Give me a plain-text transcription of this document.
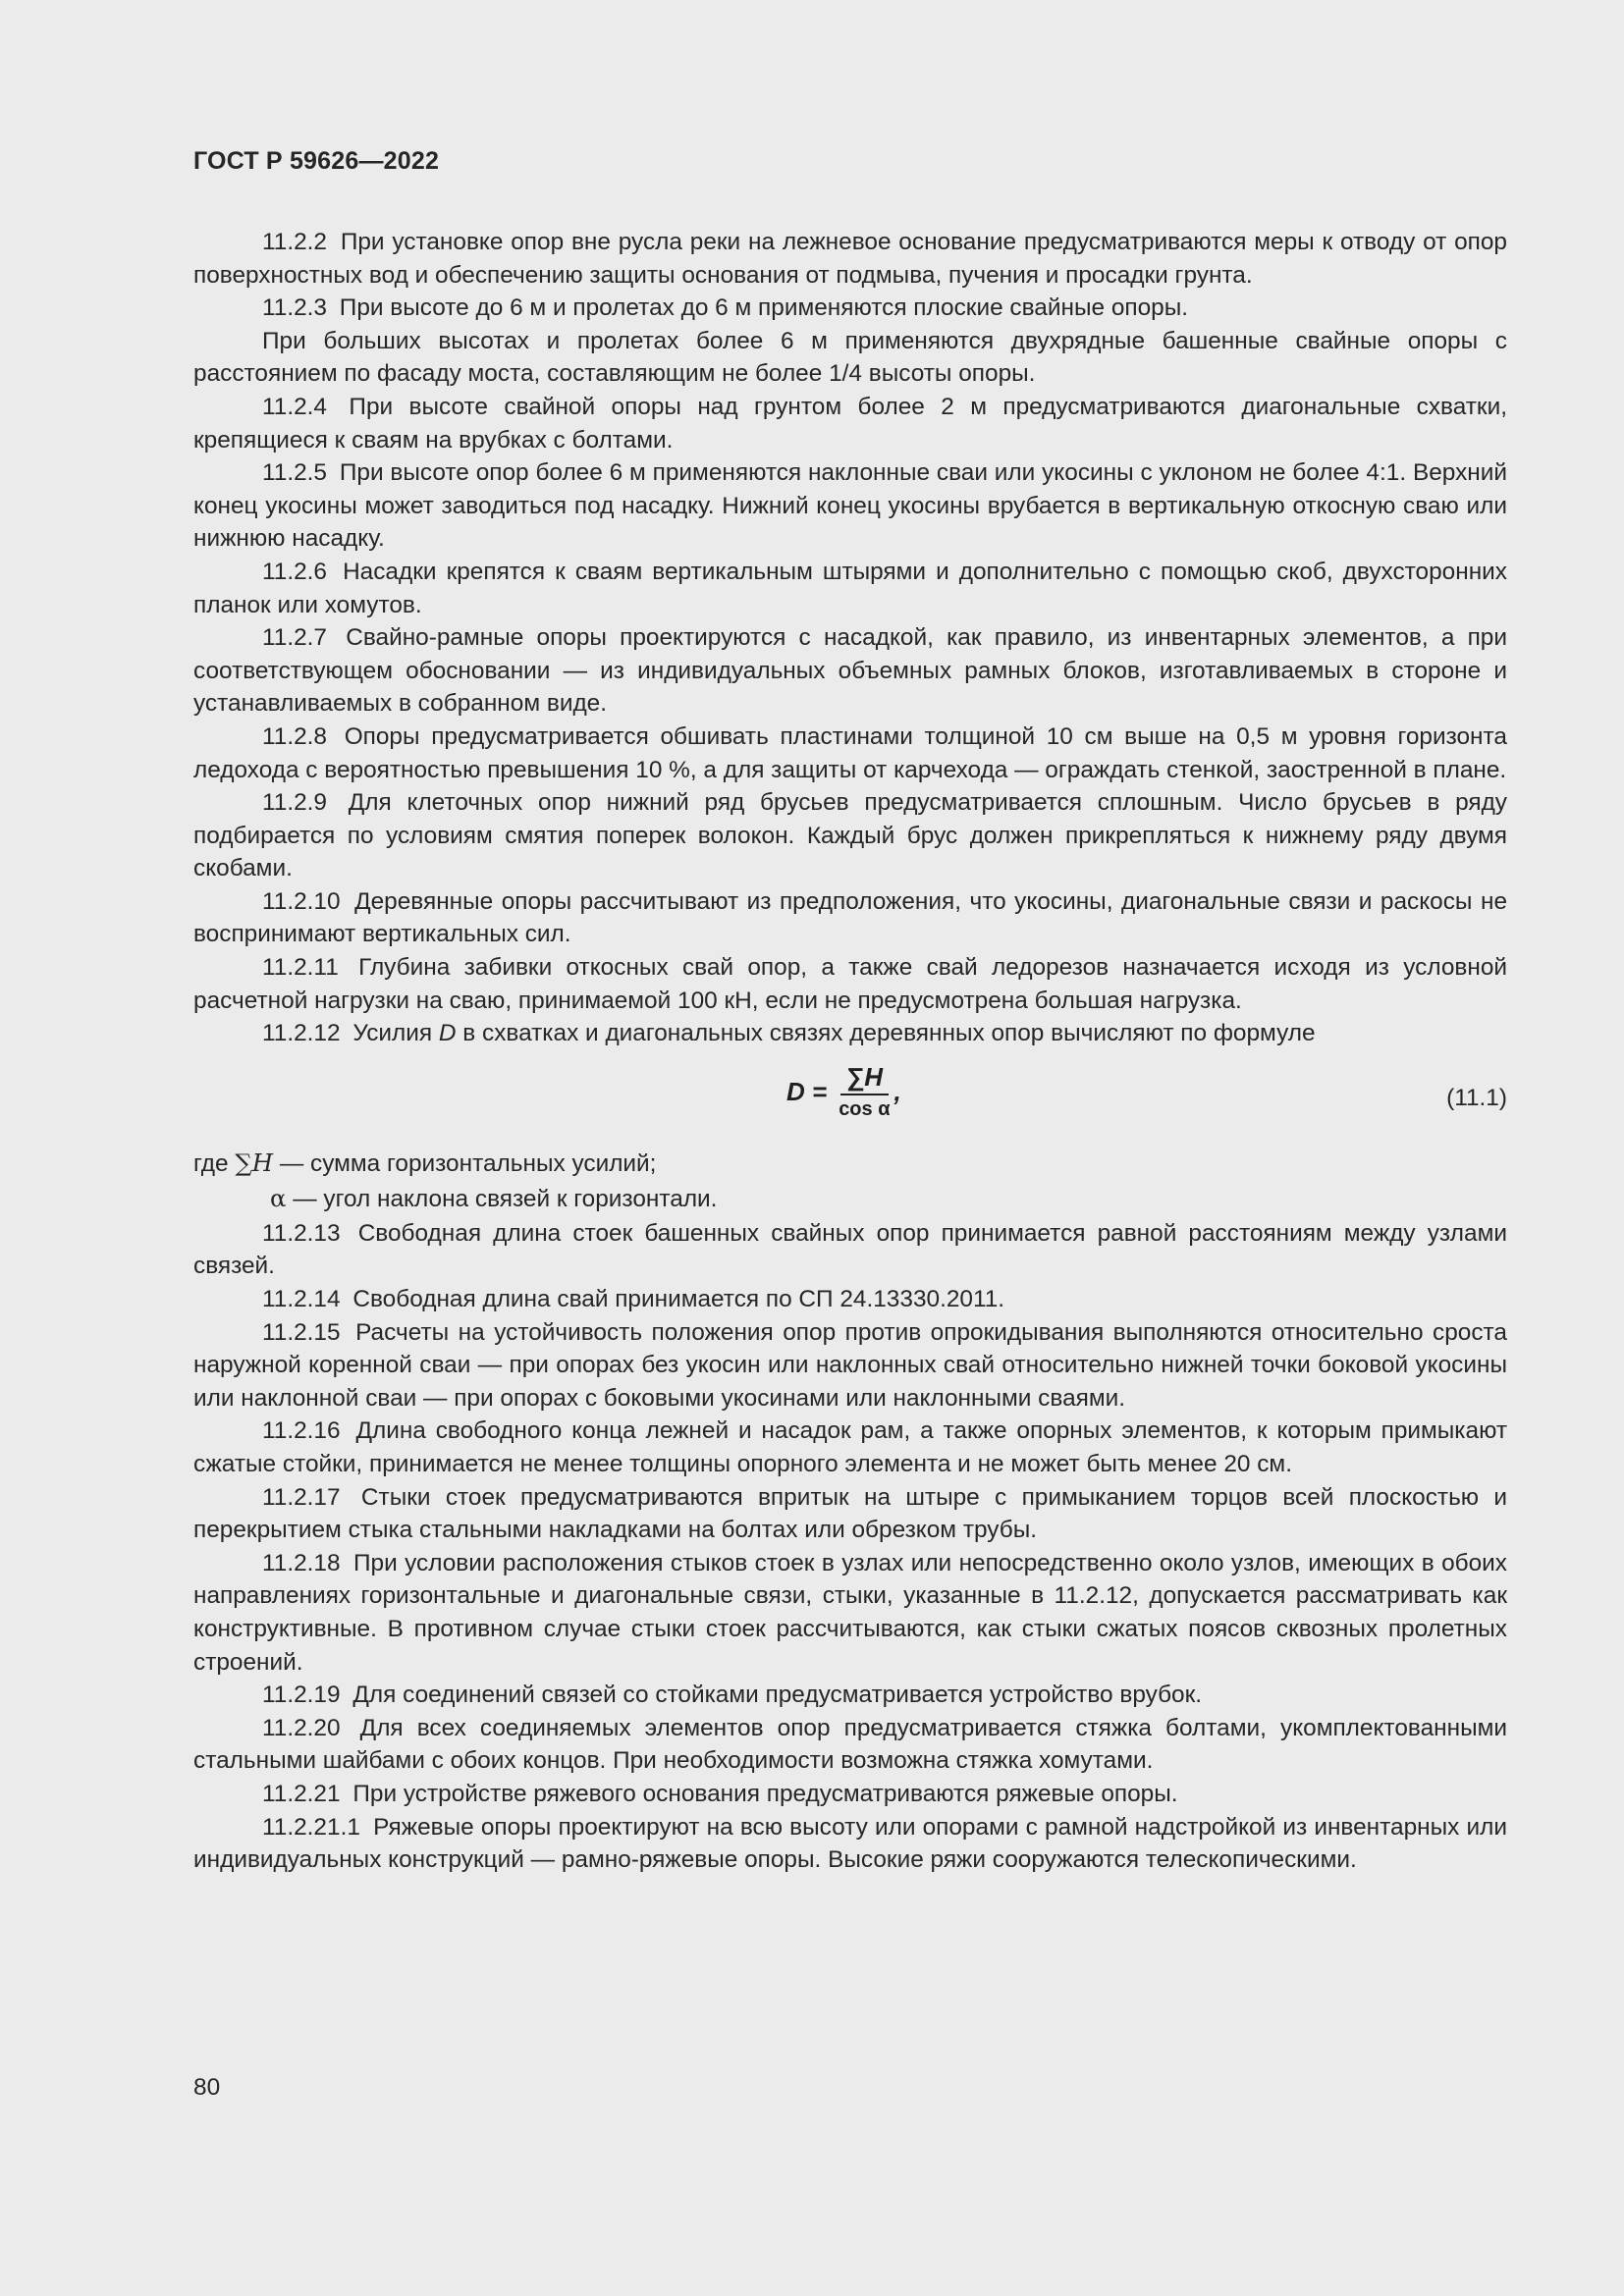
ГОСТ Р 59626—2022

11.2.2 При установке опор вне русла реки на лежневое основание предусматриваются меры к отводу от опор поверхностных вод и обеспечению защиты основания от подмыва, пучения и просадки грунта.

11.2.3 При высоте до 6 м и пролетах до 6 м применяются плоские свайные опоры.

При больших высотах и пролетах более 6 м применяются двухрядные башенные свайные опоры с расстоянием по фасаду моста, составляющим не более 1/4 высоты опоры.

11.2.4 При высоте свайной опоры над грунтом более 2 м предусматриваются диагональные схватки, крепящиеся к сваям на врубках с болтами.

11.2.5 При высоте опор более 6 м применяются наклонные сваи или укосины с уклоном не более 4:1. Верхний конец укосины может заводиться под насадку. Нижний конец укосины врубается в вертикальную откосную сваю или нижнюю насадку.

11.2.6 Насадки крепятся к сваям вертикальным штырями и дополнительно с помощью скоб, двухсторонних планок или хомутов.

11.2.7 Свайно-рамные опоры проектируются с насадкой, как правило, из инвентарных элементов, а при соответствующем обосновании — из индивидуальных объемных рамных блоков, изготавливаемых в стороне и устанавливаемых в собранном виде.

11.2.8 Опоры предусматривается обшивать пластинами толщиной 10 см выше на 0,5 м уровня горизонта ледохода с вероятностью превышения 10 %, а для защиты от карчехода — ограждать стенкой, заостренной в плане.

11.2.9 Для клеточных опор нижний ряд брусьев предусматривается сплошным. Число брусьев в ряду подбирается по условиям смятия поперек волокон. Каждый брус должен прикрепляться к нижнему ряду двумя скобами.

11.2.10 Деревянные опоры рассчитывают из предположения, что укосины, диагональные связи и раскосы не воспринимают вертикальных сил.

11.2.11 Глубина забивки откосных свай опор, а также свай ледорезов назначается исходя из условной расчетной нагрузки на сваю, принимаемой 100 кН, если не предусмотрена большая нагрузка.

11.2.12 Усилия D в схватках и диагональных связях деревянных опор вычисляют по формуле

$D = \frac{\sum H}{\text{cos α}}$ ,	(11.1)
где ∑H — сумма горизонтальных усилий;
α — угол наклона связей к горизонтали.

11.2.13 Свободная длина стоек башенных свайных опор принимается равной расстояниям между узлами связей.

11.2.14 Свободная длина свай принимается по СП 24.13330.2011.

11.2.15 Расчеты на устойчивость положения опор против опрокидывания выполняются относительно сроста наружной коренной сваи — при опорах без укосин или наклонных свай относительно нижней точки боковой укосины или наклонной сваи — при опорах с боковыми укосинами или наклонными сваями.

11.2.16 Длина свободного конца лежней и насадок рам, а также опорных элементов, к которым примыкают сжатые стойки, принимается не менее толщины опорного элемента и не может быть менее 20 см.

11.2.17 Стыки стоек предусматриваются впритык на штыре с примыканием торцов всей плоскостью и перекрытием стыка стальными накладками на болтах или обрезком трубы.

11.2.18 При условии расположения стыков стоек в узлах или непосредственно около узлов, имеющих в обоих направлениях горизонтальные и диагональные связи, стыки, указанные в 11.2.12, допускается рассматривать как конструктивные. В противном случае стыки стоек рассчитываются, как стыки сжатых поясов сквозных пролетных строений.

11.2.19 Для соединений связей со стойками предусматривается устройство врубок.

11.2.20 Для всех соединяемых элементов опор предусматривается стяжка болтами, укомплектованными стальными шайбами с обоих концов. При необходимости возможна стяжка хомутами.

11.2.21 При устройстве ряжевого основания предусматриваются ряжевые опоры.

11.2.21.1 Ряжевые опоры проектируют на всю высоту или опорами с рамной надстройкой из инвентарных или индивидуальных конструкций — рамно-ряжевые опоры. Высокие ряжи сооружаются телескопическими.

80
